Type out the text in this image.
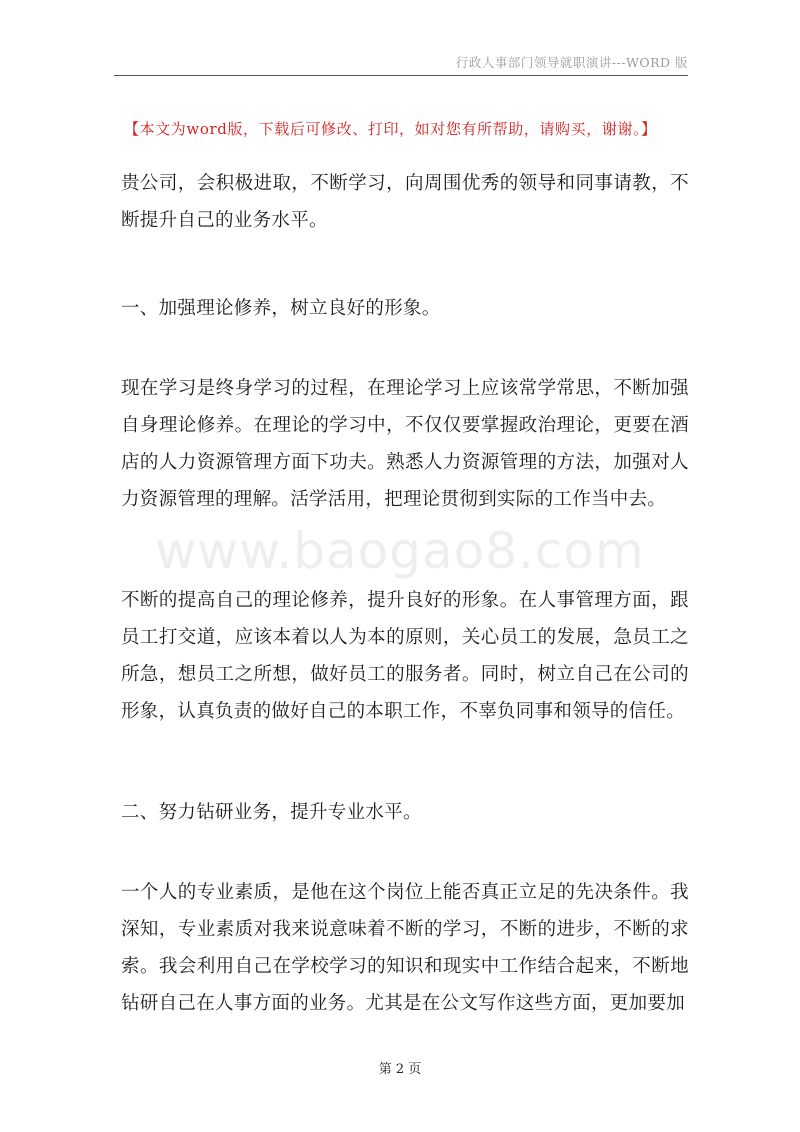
行政人事部门领导就职演讲---WORD 版
【本文为word版，下载后可修改、打印，如对您有所帮助，请购买，谢谢。】

贵公司，会积极进取，不断学习，向周围优秀的领导和同事请教，不断提升自己的业务水平。

一、加强理论修养，树立良好的形象。

现在学习是终身学习的过程，在理论学习上应该常学常思，不断加强自身理论修养。在理论的学习中，不仅仅要掌握政治理论，更要在酒店的人力资源管理方面下功夫。熟悉人力资源管理的方法，加强对人力资源管理的理解。活学活用，把理论贯彻到实际的工作当中去。

不断的提高自己的理论修养，提升良好的形象。在人事管理方面，跟员工打交道，应该本着以人为本的原则，关心员工的发展，急员工之所急，想员工之所想，做好员工的服务者。同时，树立自己在公司的形象，认真负责的做好自己的本职工作，不辜负同事和领导的信任。

二、努力钻研业务，提升专业水平。

一个人的专业素质，是他在这个岗位上能否真正立足的先决条件。我深知，专业素质对我来说意味着不断的学习，不断的进步，不断的求索。我会利用自己在学校学习的知识和现实中工作结合起来，不断地钻研自己在人事方面的业务。尤其是在公文写作这些方面，更加要加

www.baogao8.com
第 2 页
